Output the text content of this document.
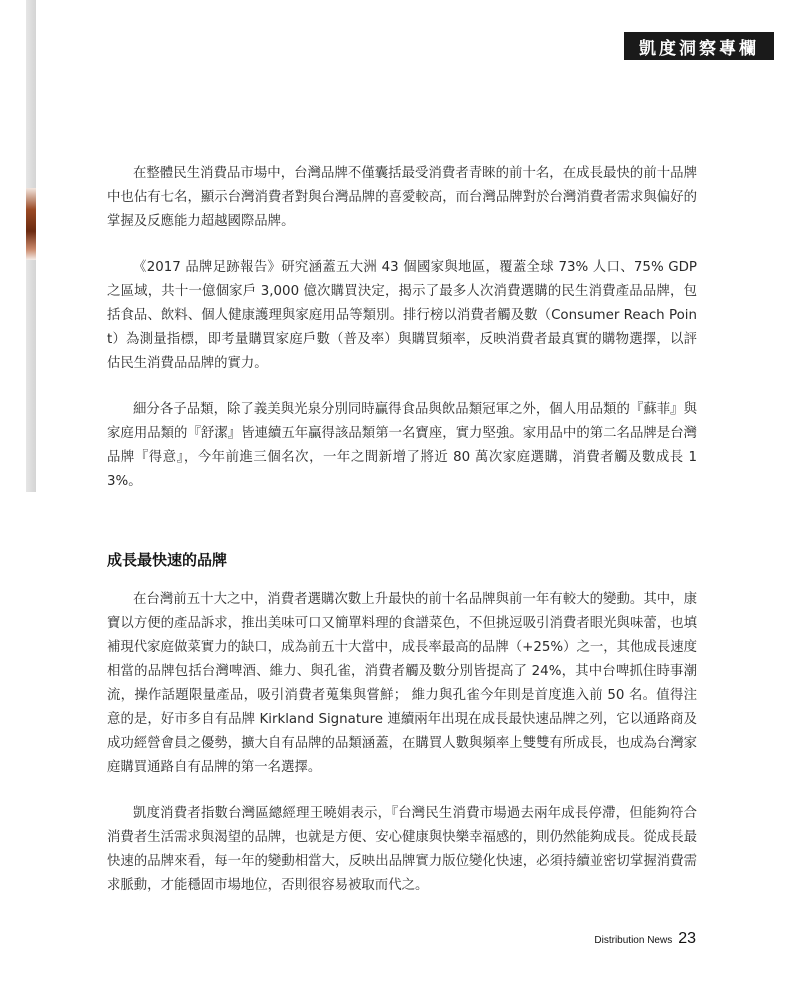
凱度洞察專欄

在整體民生消費品市場中，台灣品牌不僅囊括最受消費者青睞的前十名，在成長最快的前十品牌中也佔有七名，顯示台灣消費者對與台灣品牌的喜愛較高，而台灣品牌對於台灣消費者需求與偏好的掌握及反應能力超越國際品牌。

《2017 品牌足跡報告》研究涵蓋五大洲 43 個國家與地區，覆蓋全球 73% 人口、75% GDP 之區域，共十一億個家戶 3,000 億次購買決定，揭示了最多人次消費選購的民生消費產品品牌，包括食品、飲料、個人健康護理與家庭用品等類別。排行榜以消費者觸及數（Consumer Reach Point）為測量指標，即考量購買家庭戶數（普及率）與購買頻率，反映消費者最真實的購物選擇，以評估民生消費品品牌的實力。

細分各子品類，除了義美與光泉分別同時贏得食品與飲品類冠軍之外，個人用品類的『蘇菲』與家庭用品類的『舒潔』皆連續五年贏得該品類第一名寶座，實力堅強。家用品中的第二名品牌是台灣品牌『得意』，今年前進三個名次，一年之間新增了將近 80 萬次家庭選購，消費者觸及數成長 13%。

成長最快速的品牌

在台灣前五十大之中，消費者選購次數上升最快的前十名品牌與前一年有較大的變動。其中，康寶以方便的產品訴求，推出美味可口又簡單料理的食譜菜色，不但挑逗吸引消費者眼光與味蕾，也填補現代家庭做菜實力的缺口，成為前五十大當中，成長率最高的品牌（+25%）之一，其他成長速度相當的品牌包括台灣啤酒、維力、與孔雀，消費者觸及數分別皆提高了 24%，其中台啤抓住時事潮流，操作話題限量產品，吸引消費者蒐集與嘗鮮； 維力與孔雀今年則是首度進入前 50 名。值得注意的是，好市多自有品牌 Kirkland Signature 連續兩年出現在成長最快速品牌之列，它以通路商及成功經營會員之優勢，擴大自有品牌的品類涵蓋，在購買人數與頻率上雙雙有所成長，也成為台灣家庭購買通路自有品牌的第一名選擇。

凱度消費者指數台灣區總經理王曉娟表示，『台灣民生消費市場過去兩年成長停滯，但能夠符合消費者生活需求與渴望的品牌，也就是方便、安心健康與快樂幸福感的，則仍然能夠成長。從成長最快速的品牌來看，每一年的變動相當大，反映出品牌實力版位變化快速，必須持續並密切掌握消費需求脈動，才能穩固市場地位，否則很容易被取而代之。

Distribution News 23
